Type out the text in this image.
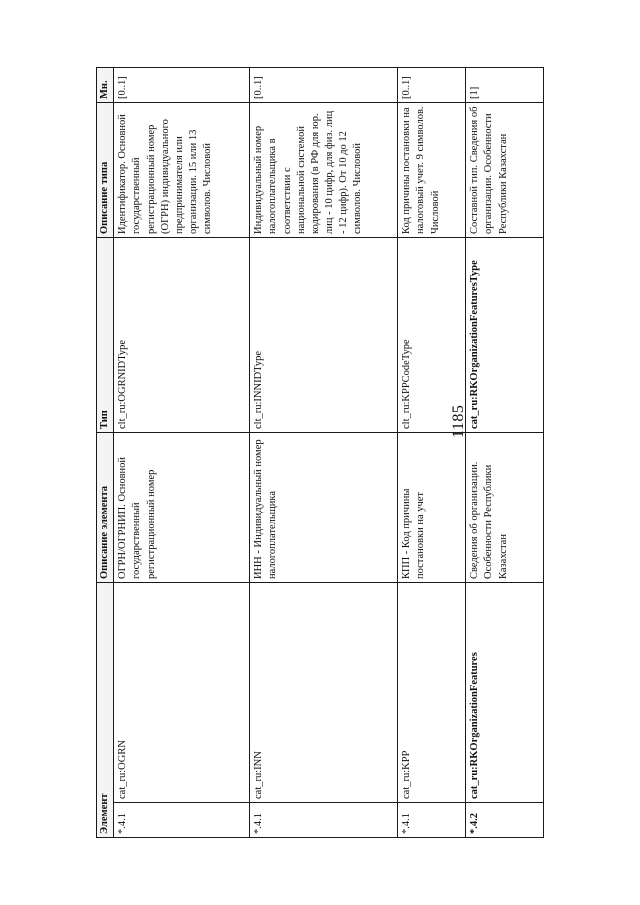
1185
Элемент		Описание элемента	Тип	Описание типа	Мн.
*.4.1	cat_ru:OGRN	ОГРН/ОГРНИП. Основной государственный регистрационный номер	clt_ru:OGRNIDType	Идентификатор. Основной государственный регистрационный номер (ОГРН) индивидуального предпринимателя или организации. 15 или 13 символов. Числовой	[0..1]
*.4.1	cat_ru:INN	ИНН - Индивидуальный номер налогоплательщика	clt_ru:INNIDType	Индивидуальный номер налогоплательщика в соответствии с национальной системой кодирования (в РФ для юр. лиц - 10 цифр, для физ. лиц - 12 цифр). От 10 до 12 символов. Числовой	[0..1]
*.4.1	cat_ru:KPP	КПП - Код причины постановки на учет	clt_ru:KPPCodeType	Код причины постановки на налоговый учет. 9 символов. Числовой	[0..1]
*.4.2	cat_ru:RKOrganizationFeatures	Сведения об организации. Особенности Республики Казахстан	cat_ru:RKOrganizationFeaturesType	Составной тип. Сведения об организации. Особенности Республики Казахстан	[1]
